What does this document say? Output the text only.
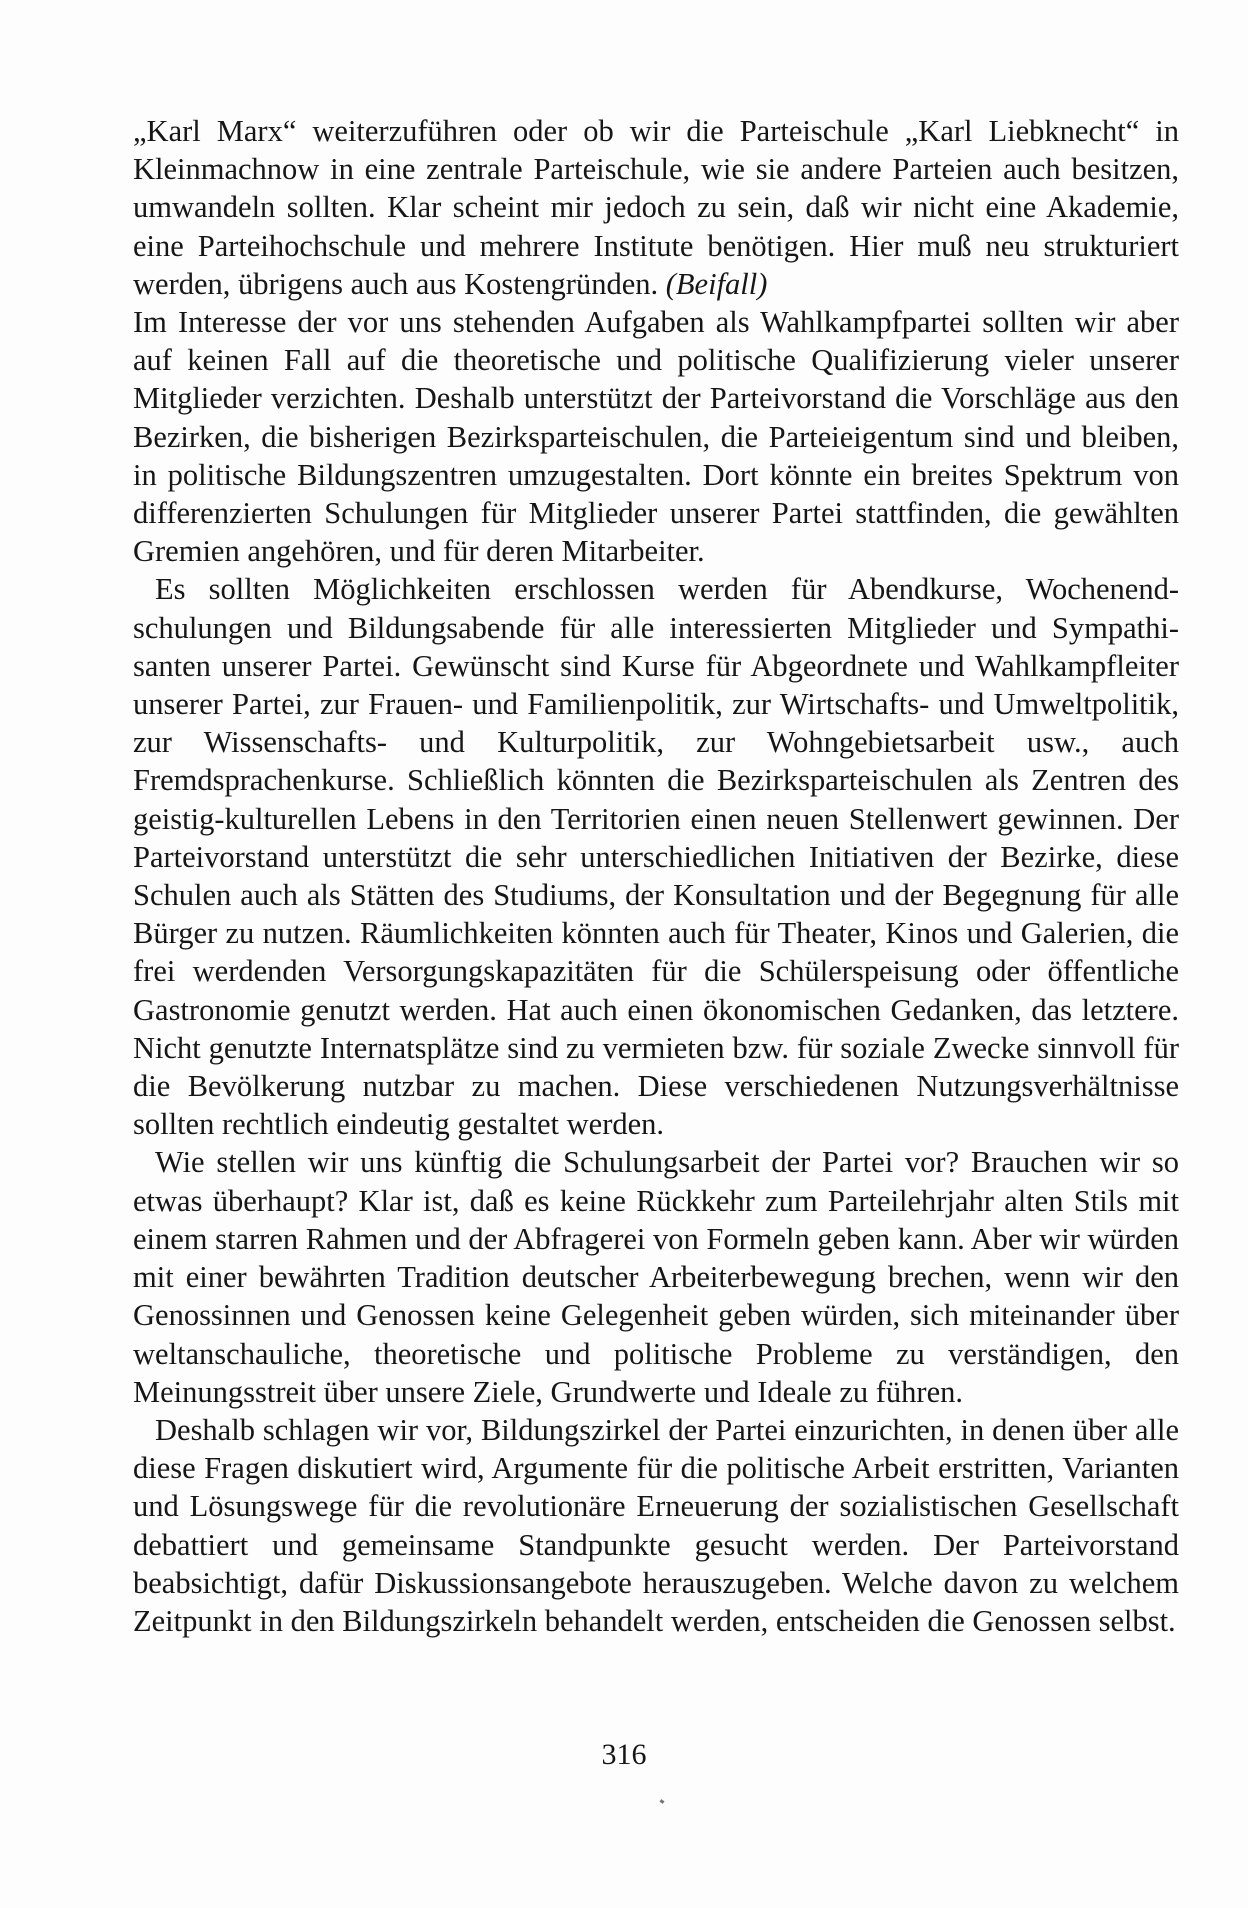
„Karl Marx“ weiterzuführen oder ob wir die Parteischule „Karl Liebknecht“ in Kleinmachnow in eine zentrale Parteischule, wie sie andere Parteien auch besitzen, umwandeln sollten. Klar scheint mir jedoch zu sein, daß wir nicht eine Akademie, eine Parteihochschule und mehrere Institute benötigen. Hier muß neu strukturiert werden, übrigens auch aus Kostengründen. (Beifall)

Im Interesse der vor uns stehenden Aufgaben als Wahlkampfpartei sollten wir aber auf keinen Fall auf die theoretische und politische Qualifizierung vieler unserer Mitglieder verzichten. Deshalb unterstützt der Parteivorstand die Vorschläge aus den Bezirken, die bisherigen Bezirksparteischulen, die Parteieigentum sind und bleiben, in politische Bildungszentren umzugestalten. Dort könnte ein breites Spektrum von differenzierten Schulungen für Mitglieder unserer Partei stattfinden, die gewählten Gremien angehören, und für deren Mitarbeiter.

Es sollten Möglichkeiten erschlossen werden für Abendkurse, Wochenendschulungen und Bildungsabende für alle interessierten Mitglieder und Sympathisanten unserer Partei. Gewünscht sind Kurse für Abgeordnete und Wahlkampfleiter unserer Partei, zur Frauen- und Familienpolitik, zur Wirtschafts- und Umweltpolitik, zur Wissenschafts- und Kulturpolitik, zur Wohngebietsarbeit usw., auch Fremdsprachenkurse. Schließlich könnten die Bezirksparteischulen als Zentren des geistig-kulturellen Lebens in den Territorien einen neuen Stellenwert gewinnen. Der Parteivorstand unterstützt die sehr unterschiedlichen Initiativen der Bezirke, diese Schulen auch als Stätten des Studiums, der Konsultation und der Begegnung für alle Bürger zu nutzen. Räumlichkeiten könnten auch für Theater, Kinos und Galerien, die frei werdenden Versorgungskapazitäten für die Schülerspeisung oder öffentliche Gastronomie genutzt werden. Hat auch einen ökonomischen Gedanken, das letztere. Nicht genutzte Internatsplätze sind zu vermieten bzw. für soziale Zwecke sinnvoll für die Bevölkerung nutzbar zu machen. Diese verschiedenen Nutzungsverhältnisse sollten rechtlich eindeutig gestaltet werden.

Wie stellen wir uns künftig die Schulungsarbeit der Partei vor? Brauchen wir so etwas überhaupt? Klar ist, daß es keine Rückkehr zum Parteilehrjahr alten Stils mit einem starren Rahmen und der Abfragerei von Formeln geben kann. Aber wir würden mit einer bewährten Tradition deutscher Arbeiterbewegung brechen, wenn wir den Genossinnen und Genossen keine Gelegenheit geben würden, sich miteinander über weltanschauliche, theoretische und politische Probleme zu verständigen, den Meinungsstreit über unsere Ziele, Grundwerte und Ideale zu führen.

Deshalb schlagen wir vor, Bildungszirkel der Partei einzurichten, in denen über alle diese Fragen diskutiert wird, Argumente für die politische Arbeit erstritten, Varianten und Lösungswege für die revolutionäre Erneuerung der sozialistischen Gesellschaft debattiert und gemeinsame Standpunkte gesucht werden. Der Parteivorstand beabsichtigt, dafür Diskussionsangebote herauszugeben. Welche davon zu welchem Zeitpunkt in den Bildungszirkeln behandelt werden, entscheiden die Genossen selbst.

316
